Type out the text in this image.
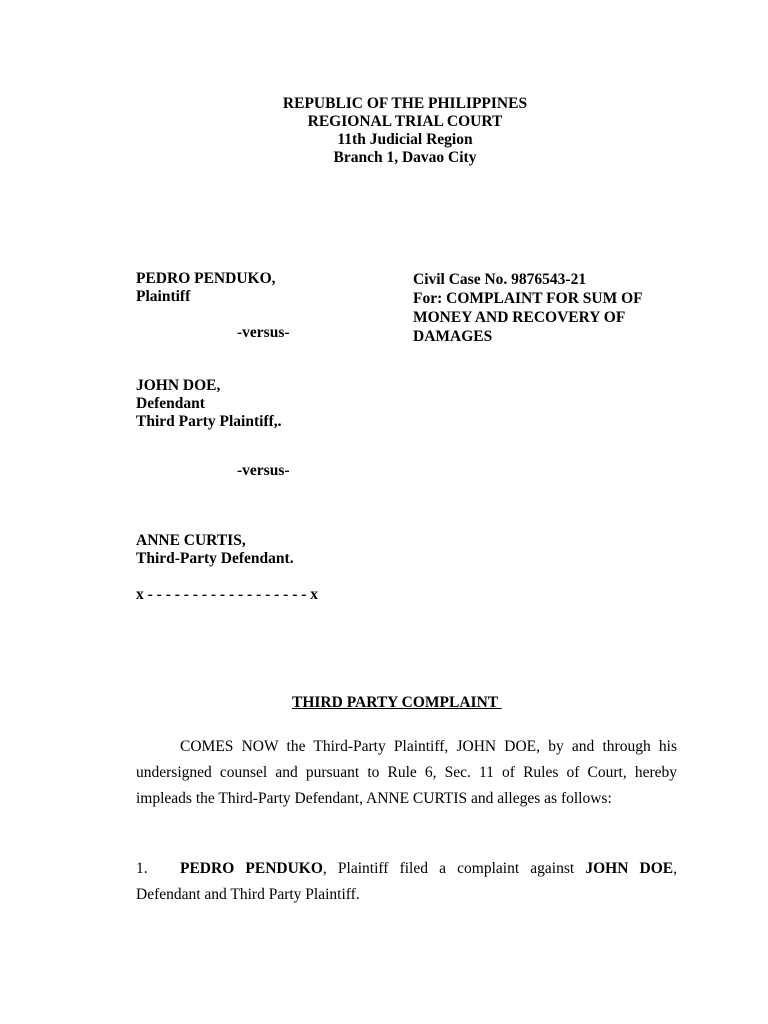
REPUBLIC OF THE PHILIPPINES
REGIONAL TRIAL COURT
11th Judicial Region
Branch 1, Davao City
PEDRO PENDUKO,
Plaintiff
-versus-
Civil Case No. 9876543-21
For: COMPLAINT FOR SUM OF
MONEY AND RECOVERY OF
DAMAGES
JOHN DOE,
Defendant
Third Party Plaintiff,.
-versus-
ANNE CURTIS,
Third-Party Defendant.
x - - - - - - - - - - - - - - - - - - x
THIRD PARTY COMPLAINT
COMES NOW the Third-Party Plaintiff, JOHN DOE, by and through his undersigned counsel and pursuant to Rule 6, Sec. 11 of Rules of Court, hereby impleads the Third-Party Defendant, ANNE CURTIS and alleges as follows:
1. PEDRO PENDUKO, Plaintiff filed a complaint against JOHN DOE, Defendant and Third Party Plaintiff.
